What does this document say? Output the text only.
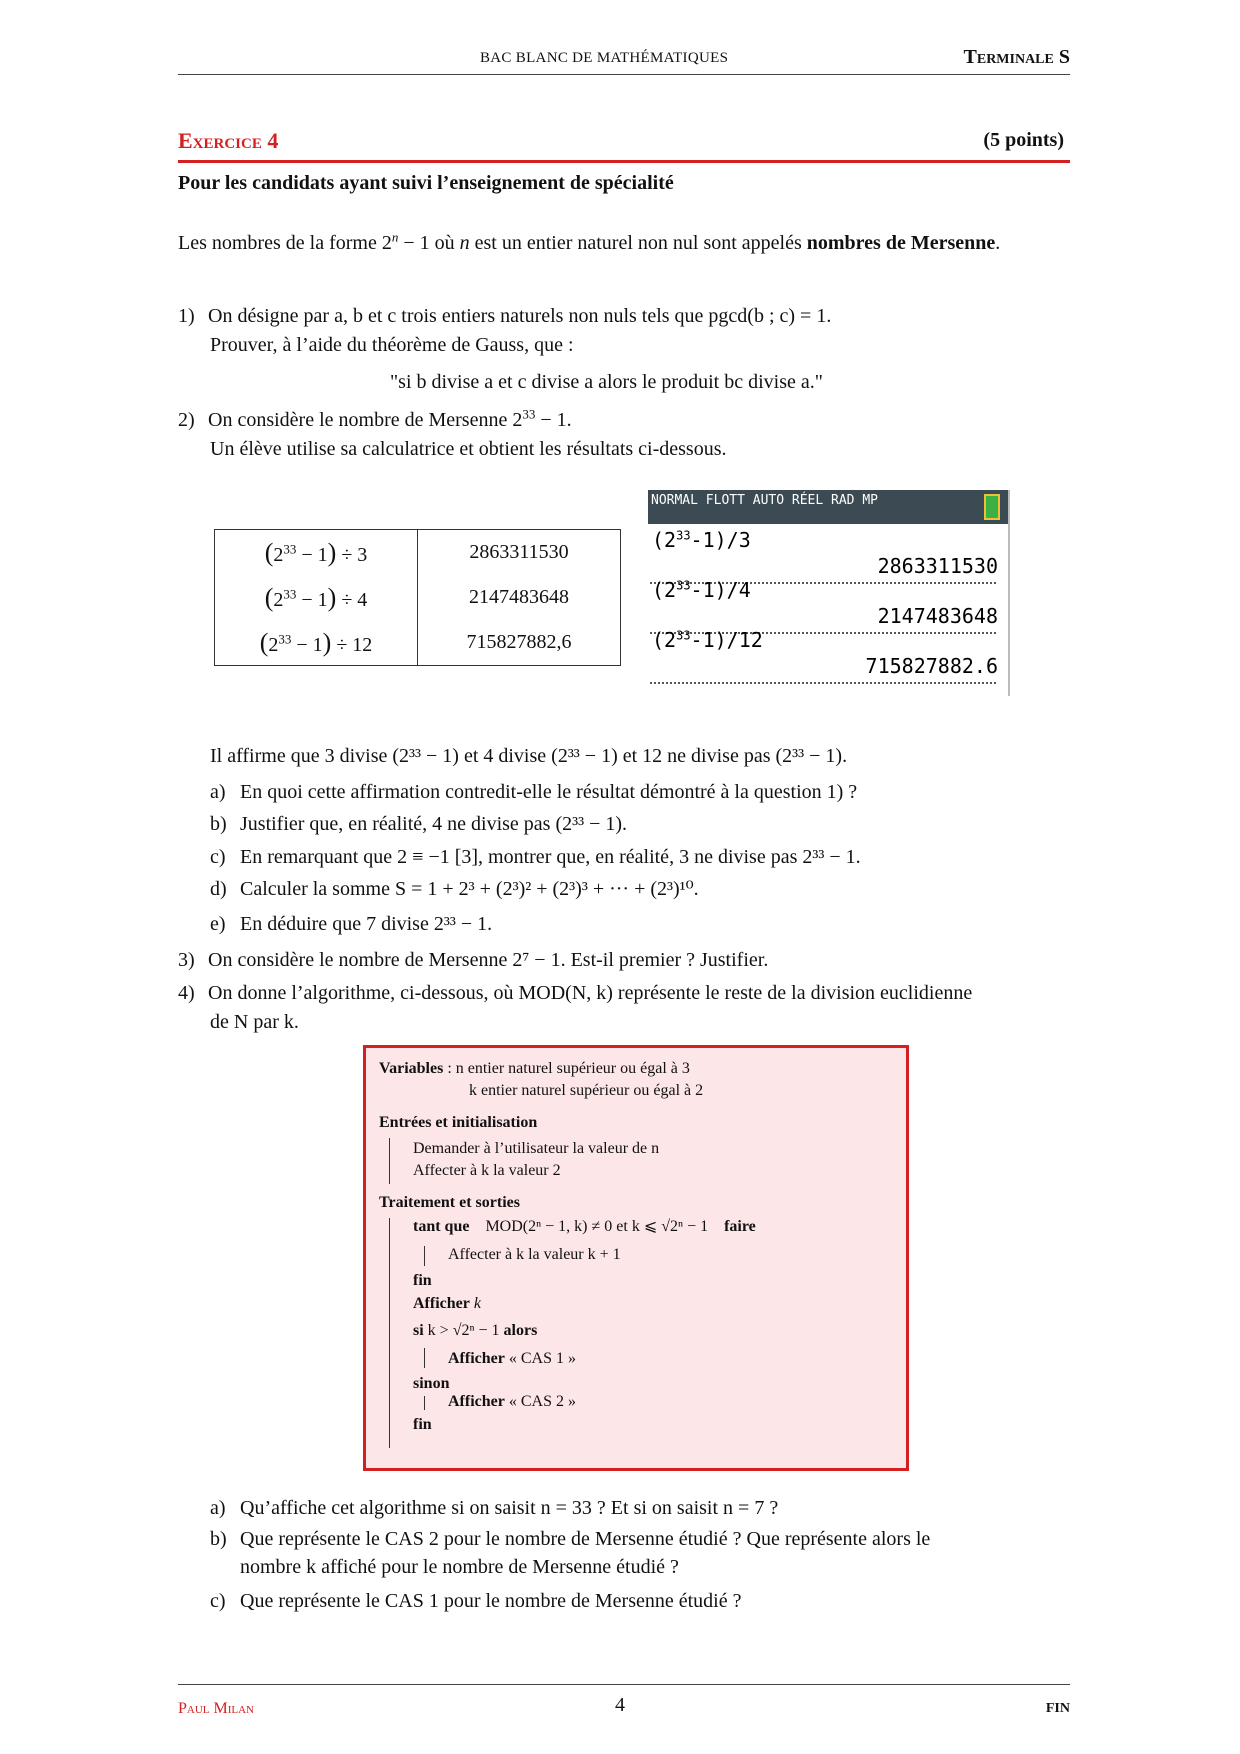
BAC BLANC DE MATHÉMATIQUES	Terminale S
Exercice 4	(5 points)
Pour les candidats ayant suivi l’enseignement de spécialité
Les nombres de la forme $2^n - 1$ où n est un entier naturel non nul sont appelés nombres de Mersenne.
1) On désigne par a, b et c trois entiers naturels non nuls tels que pgcd(b ; c) = 1.
Prouver, à l’aide du théorème de Gauss, que :
"si b divise a et c divise a alors le produit bc divise a."
2) On considère le nombre de Mersenne $2^{33} - 1$.
Un élève utilise sa calculatrice et obtient les résultats ci-dessous.
$(2^{33} - 1) \div 3$	2863311530
$(2^{33} - 1) \div 4$	2147483648
$(2^{33} - 1) \div 12$	715827882,6
NORMAL FLOTT AUTO RÉEL RAD MP
$(2^{33}-1)/3$
2863311530
$(2^{33}-1)/4$
2147483648
$(2^{33}-1)/12$
715827882.6
Il affirme que 3 divise (2³³ − 1) et 4 divise (2³³ − 1) et 12 ne divise pas (2³³ − 1).
a) En quoi cette affirmation contredit-elle le résultat démontré à la question 1) ?
b) Justifier que, en réalité, 4 ne divise pas (2³³ − 1).
c) En remarquant que 2 ≡ −1 [3], montrer que, en réalité, 3 ne divise pas 2³³ − 1.
d) Calculer la somme S = 1 + 2³ + (2³)² + (2³)³ + ··· + (2³)¹⁰.
e) En déduire que 7 divise 2³³ − 1.
3) On considère le nombre de Mersenne 2⁷ − 1. Est-il premier ? Justifier.
4) On donne l’algorithme, ci-dessous, où MOD(N, k) représente le reste de la division euclidienne
de N par k.
Variables : n entier naturel supérieur ou égal à 3
k entier naturel supérieur ou égal à 2
Entrées et initialisation
Demander à l’utilisateur la valeur de n
Affecter à k la valeur 2
Traitement et sorties
tant que MOD(2ⁿ − 1, k) ≠ 0 et k ⩽ √2ⁿ − 1 faire
Affecter à k la valeur k + 1
fin
Afficher k
si k > √2ⁿ − 1 alors
Afficher « CAS 1 »
sinon
Afficher « CAS 2 »
fin
a) Qu’affiche cet algorithme si on saisit n = 33 ? Et si on saisit n = 7 ?
b) Que représente le CAS 2 pour le nombre de Mersenne étudié ? Que représente alors le
nombre k affiché pour le nombre de Mersenne étudié ?
c) Que représente le CAS 1 pour le nombre de Mersenne étudié ?
Paul Milan	4	FIN
